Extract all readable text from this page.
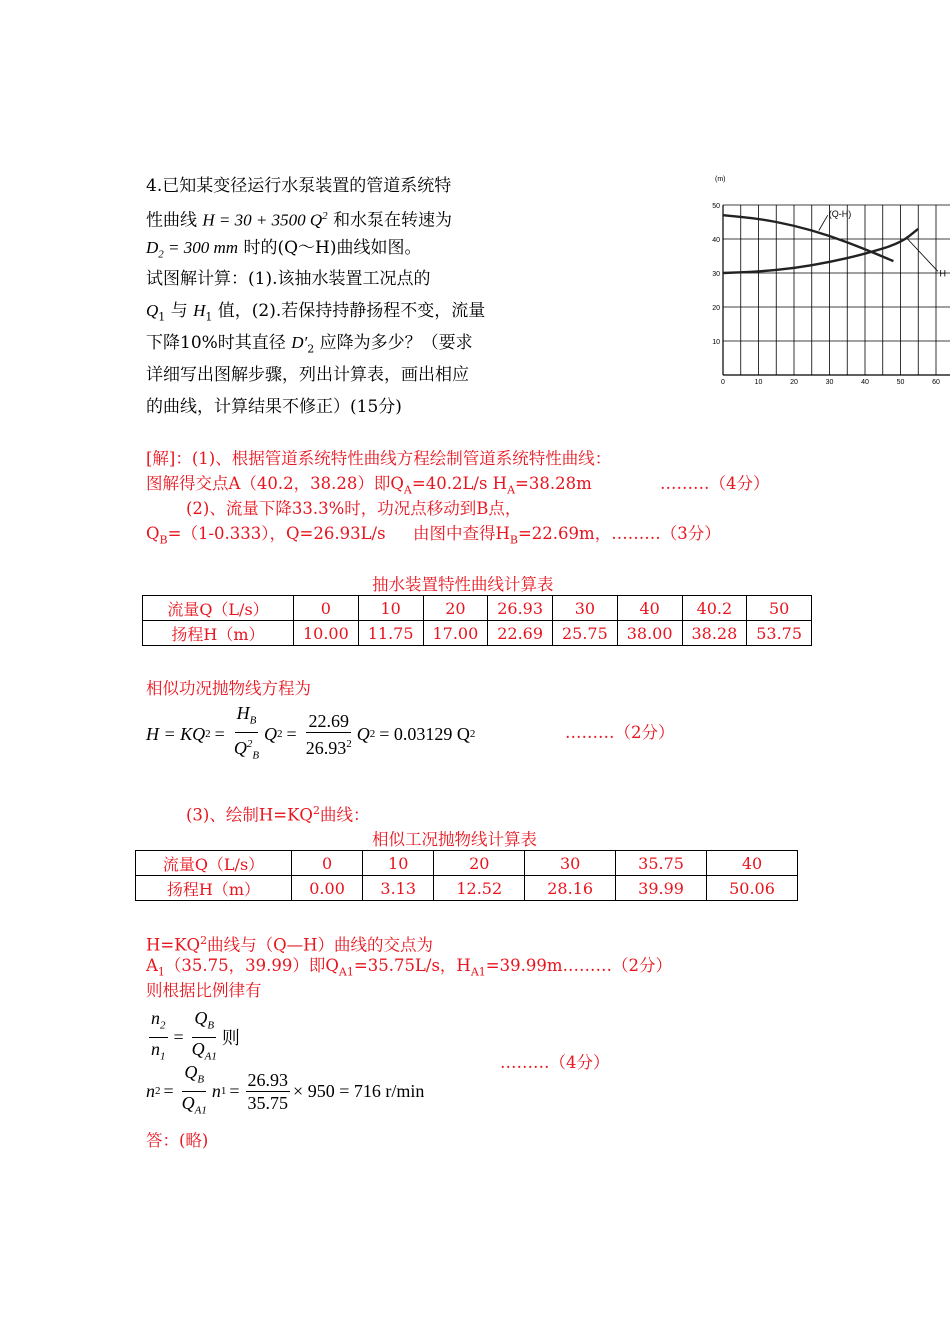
4.已知某变径运行水泵装置的管道系统特
性曲线 H = 30 + 3500 $Q^2$ 和水泵在转速为
$D_2 = 300$ mm 时的(Q～H)曲线如图。
试图解计算：(1).该抽水装置工况点的
$Q_1$ 与 $H_1$ 值，(2).若保持持静扬程不变，流量
下降10%时其直径 $D'_2$ 应降为多少？（要求
详细写出图解步骤，列出计算表，画出相应
的曲线，计算结果不修正）(15分)
(m)
0	10	20	30	40	50	60
10
20
30
40
50
(Q-H)
H
[解]：(1)、根据管道系统特性曲线方程绘制管道系统特性曲线：
图解得交点A（40.2，38.28）即$Q_A=40.2L/s$ $H_A=38.28m$	………（4分）
(2)、流量下降33.3%时，功况点移动到B点，
$Q_B=(1-0.333)$，Q=26.93L/s 由图中查得$H_B=22.69m$，………（3分）
抽水装置特性曲线计算表
流量Q（L/s）	0	10	20	26.93	30	40	40.2	50
扬程H（m）	10.00	11.75	17.00	22.69	25.75	38.00	38.28	53.75
相似功况抛物线方程为
H = KQ $2 = \frac{H_B}{Q^2_B}$ Q $2 = \frac{22.69}{26.93^2}$ Q 2 = 0.03129 Q 2	………（2分）
(3)、绘制$H=KQ^2$曲线：
相似工况抛物线计算表
流量Q（L/s）	0	10	20	30	35.75	40
扬程H（m）	0.00	3.13	12.52	28.16	39.99	50.06
$H=KQ^2$曲线与（Q—H）曲线的交点为
$A_1(35.75$，39.99）即$Q_{A1}=35.75L/s$，$H_{A1}=39.99m\dots\dots\dots(2$分）
则根据比例律有
$\frac{n_2}{n_1} = \frac{Q_B}{Q_{A1}}$ 则
………（4分）
n $2 = \frac{Q_B}{Q_{A1}}$ n $1 = \frac{26.93}{35.75} \times 950 = 716$ r/min
答：(略)
